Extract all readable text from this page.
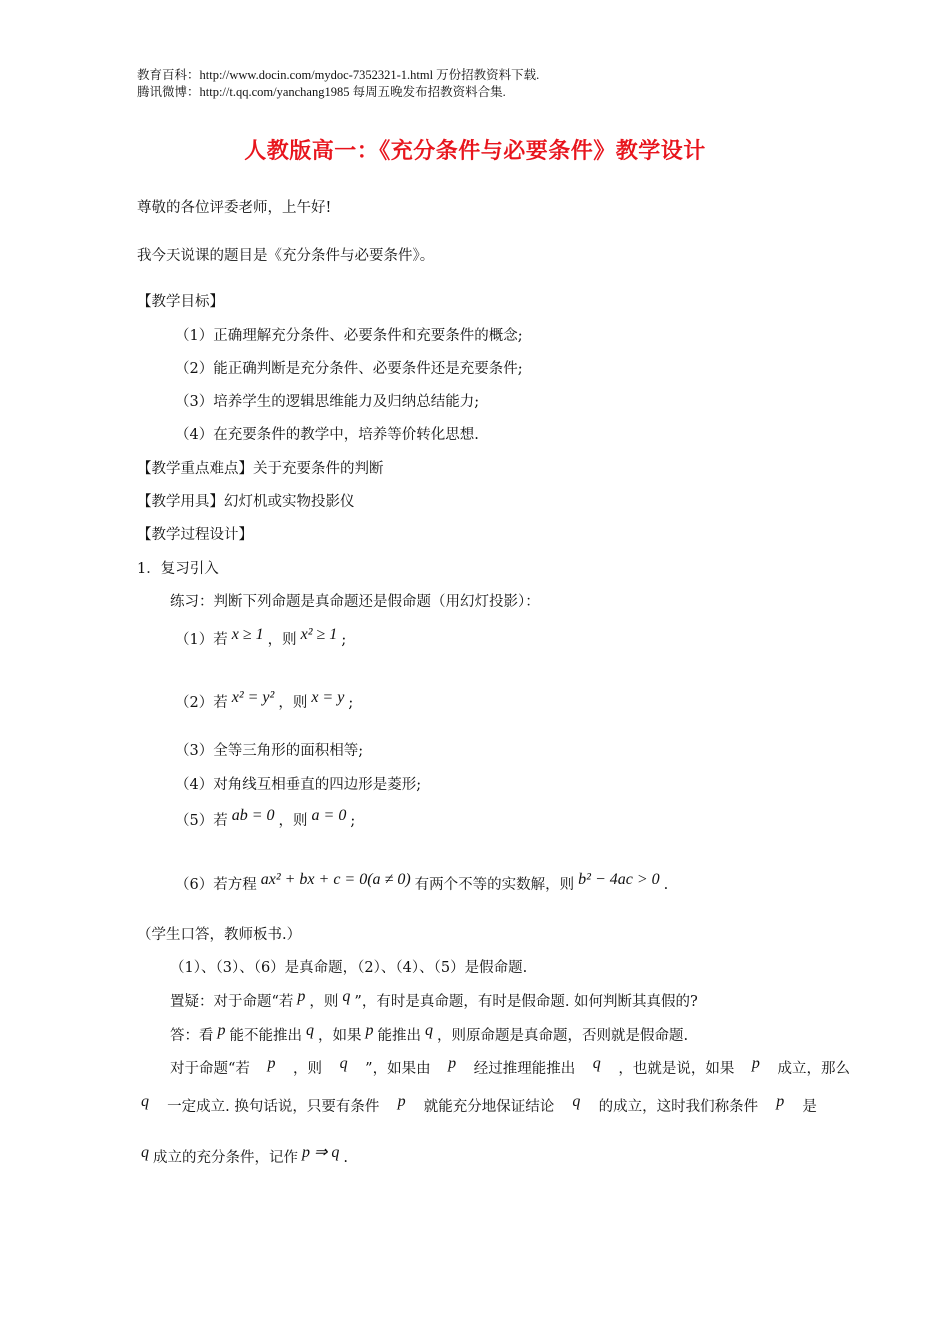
教育百科：http://www.docin.com/mydoc-7352321-1.html 万份招教资料下载.
腾讯微博：http://t.qq.com/yanchang1985 每周五晚发布招教资料合集.
人教版高一：《充分条件与必要条件》教学设计
尊敬的各位评委老师，上午好!
我今天说课的题目是《充分条件与必要条件》。
【教学目标】
（1）正确理解充分条件、必要条件和充要条件的概念;
（2）能正确判断是充分条件、必要条件还是充要条件;
（3）培养学生的逻辑思维能力及归纳总结能力;
（4）在充要条件的教学中，培养等价转化思想.
【教学重点难点】关于充要条件的判断
【教学用具】幻灯机或实物投影仪
【教学过程设计】
1．复习引入
练习：判断下列命题是真命题还是假命题（用幻灯投影）：
（1）若 x ≥ 1 ，则 x² ≥ 1 ;
（2）若 x² = y² ，则 x = y ;
（3）全等三角形的面积相等;
（4）对角线互相垂直的四边形是菱形;
（5）若 ab = 0 ，则 a = 0 ;
（6）若方程 ax² + bx + c = 0(a ≠ 0) 有两个不等的实数解，则 b² − 4ac > 0 .
（学生口答，教师板书.）
（1）、（3）、（6）是真命题，（2）、（4）、（5）是假命题.
置疑：对于命题“若 p ，则 q ”，有时是真命题，有时是假命题. 如何判断其真假的?
答：看 p 能不能推出 q ，如果 p 能推出 q ，则原命题是真命题，否则就是假命题.
对于命题“若 p ，则 q ”，如果由 p 经过推理能推出 q ，也就是说，如果 p 成立，那么
q 一定成立. 换句话说，只要有条件 p 就能充分地保证结论 q 的成立，这时我们称条件 p 是
q 成立的充分条件，记作 p ⇒ q .
